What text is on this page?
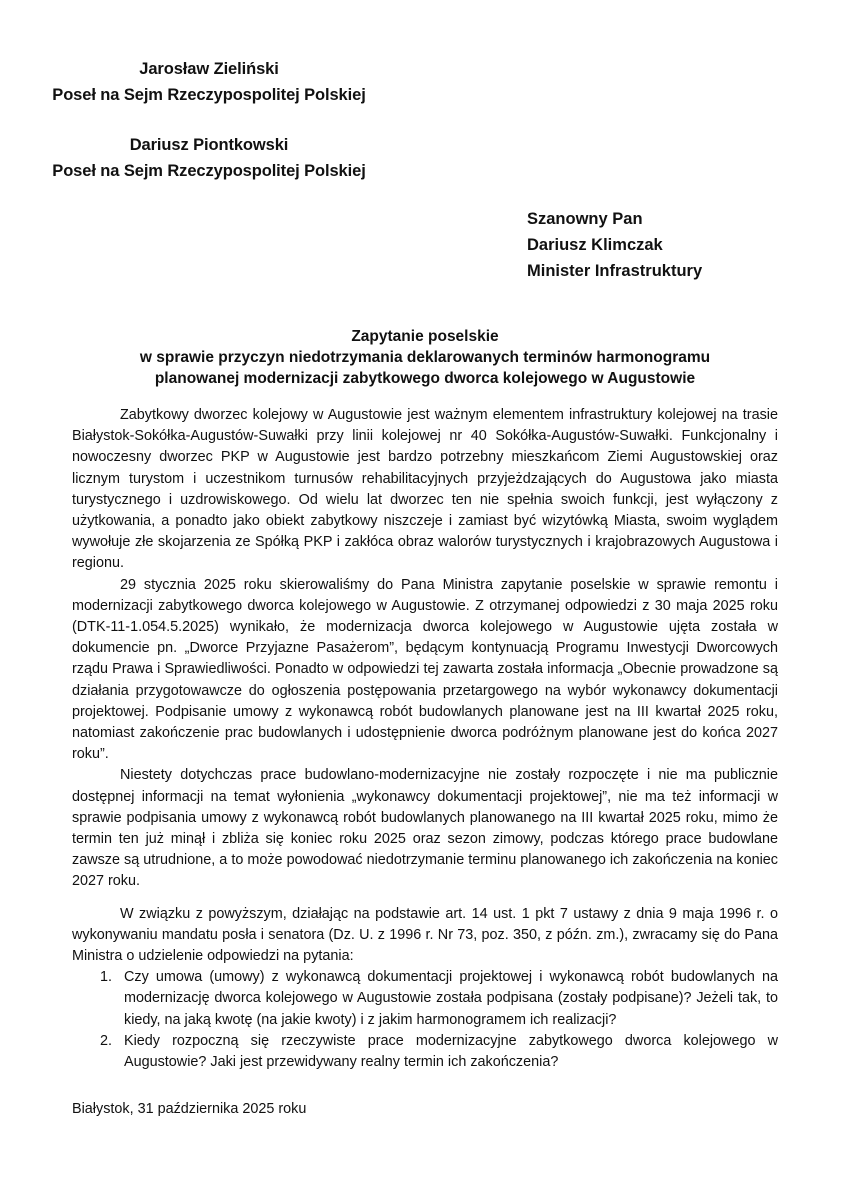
Jarosław Zieliński
Poseł na Sejm Rzeczypospolitej Polskiej
Dariusz Piontkowski
Poseł na Sejm Rzeczypospolitej Polskiej
Szanowny Pan
Dariusz Klimczak
Minister Infrastruktury
Zapytanie poselskie
w sprawie przyczyn niedotrzymania deklarowanych terminów harmonogramu
planowanej modernizacji zabytkowego dworca kolejowego w Augustowie

Zabytkowy dworzec kolejowy w Augustowie jest ważnym elementem infrastruktury kolejowej na trasie Białystok-Sokółka-Augustów-Suwałki przy linii kolejowej nr 40 Sokółka-Augustów-Suwałki. Funkcjonalny i nowoczesny dworzec PKP w Augustowie jest bardzo potrzebny mieszkańcom Ziemi Augustowskiej oraz licznym turystom i uczestnikom turnusów rehabilitacyjnych przyjeżdzających do Augustowa jako miasta turystycznego i uzdrowiskowego. Od wielu lat dworzec ten nie spełnia swoich funkcji, jest wyłączony z użytkowania, a ponadto jako obiekt zabytkowy niszczeje i zamiast być wizytówką Miasta, swoim wyglądem wywołuje złe skojarzenia ze Spółką PKP i zakłóca obraz walorów turystycznych i krajobrazowych Augustowa i regionu.

29 stycznia 2025 roku skierowaliśmy do Pana Ministra zapytanie poselskie w sprawie remontu i modernizacji zabytkowego dworca kolejowego w Augustowie. Z otrzymanej odpowiedzi z 30 maja 2025 roku (DTK-11-1.054.5.2025) wynikało, że modernizacja dworca kolejowego w Augustowie ujęta została w dokumencie pn. „Dworce Przyjazne Pasażerom”, będącym kontynuacją Programu Inwestycji Dworcowych rządu Prawa i Sprawiedliwości. Ponadto w odpowiedzi tej zawarta została informacja „Obecnie prowadzone są działania przygotowawcze do ogłoszenia postępowania przetargowego na wybór wykonawcy dokumentacji projektowej. Podpisanie umowy z wykonawcą robót budowlanych planowane jest na III kwartał 2025 roku, natomiast zakończenie prac budowlanych i udostępnienie dworca podróżnym planowane jest do końca 2027 roku”.

Niestety dotychczas prace budowlano-modernizacyjne nie zostały rozpoczęte i nie ma publicznie dostępnej informacji na temat wyłonienia „wykonawcy dokumentacji projektowej”, nie ma też informacji w sprawie podpisania umowy z wykonawcą robót budowlanych planowanego na III kwartał 2025 roku, mimo że termin ten już minął i zbliża się koniec roku 2025 oraz sezon zimowy, podczas którego prace budowlane zawsze są utrudnione, a to może powodować niedotrzymanie terminu planowanego ich zakończenia na koniec 2027 roku.

W związku z powyższym, działając na podstawie art. 14 ust. 1 pkt 7 ustawy z dnia 9 maja 1996 r. o wykonywaniu mandatu posła i senatora (Dz. U. z 1996 r. Nr 73, poz. 350, z późn. zm.), zwracamy się do Pana Ministra o udzielenie odpowiedzi na pytania:

1. Czy umowa (umowy) z wykonawcą dokumentacji projektowej i wykonawcą robót budowlanych na modernizację dworca kolejowego w Augustowie została podpisana (zostały podpisane)? Jeżeli tak, to kiedy, na jaką kwotę (na jakie kwoty) i z jakim harmonogramem ich realizacji?
2. Kiedy rozpoczną się rzeczywiste prace modernizacyjne zabytkowego dworca kolejowego w Augustowie? Jaki jest przewidywany realny termin ich zakończenia?
Białystok, 31 października 2025 roku
